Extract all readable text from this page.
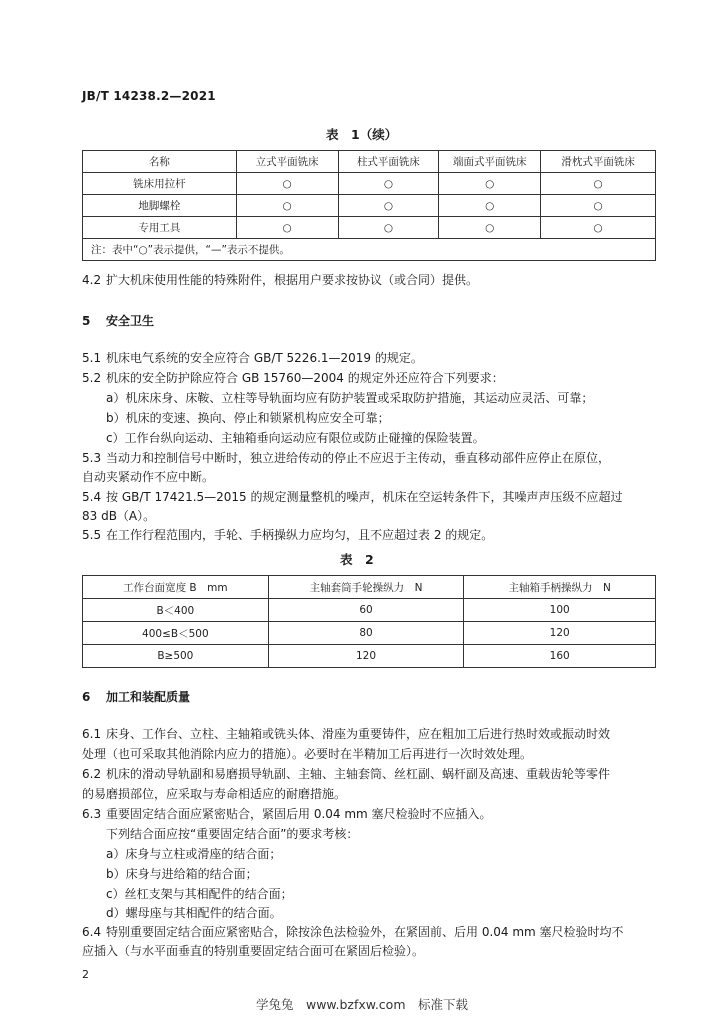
JB/T 14238.2—2021
表　1（续）
名称	立式平面铣床	柱式平面铣床	端面式平面铣床	滑枕式平面铣床
铣床用拉杆	○	○	○	○
地脚螺栓	○	○	○	○
专用工具	○	○	○	○
注：表中“○”表示提供，“—”表示不提供。				
4.2 扩大机床使用性能的特殊附件，根据用户要求按协议（或合同）提供。
5 安全卫生
5.1 机床电气系统的安全应符合 GB/T 5226.1—2019 的规定。
5.2 机床的安全防护除应符合 GB 15760—2004 的规定外还应符合下列要求：
a）机床床身、床鞍、立柱等导轨面均应有防护装置或采取防护措施，其运动应灵活、可靠；
b）机床的变速、换向、停止和锁紧机构应安全可靠；
c）工作台纵向运动、主轴箱垂向运动应有限位或防止碰撞的保险装置。
5.3 当动力和控制信号中断时，独立进给传动的停止不应迟于主传动，垂直移动部件应停止在原位，
自动夹紧动作不应中断。
5.4 按 GB/T 17421.5—2015 的规定测量整机的噪声，机床在空运转条件下，其噪声声压级不应超过
83 dB（A）。
5.5 在工作行程范围内，手轮、手柄操纵力应均匀，且不应超过表 2 的规定。
表　2
工作台面宽度 B　mm	主轴套筒手轮操纵力　N	主轴箱手柄操纵力　N
B＜400	60	100
400≤B＜500	80	120
B≥500	120	160
6 加工和装配质量
6.1 床身、工作台、立柱、主轴箱或铣头体、滑座为重要铸件，应在粗加工后进行热时效或振动时效
处理（也可采取其他消除内应力的措施）。必要时在半精加工后再进行一次时效处理。
6.2 机床的滑动导轨副和易磨损导轨副、主轴、主轴套筒、丝杠副、蜗杆副及高速、重载齿轮等零件
的易磨损部位，应采取与寿命相适应的耐磨措施。
6.3 重要固定结合面应紧密贴合，紧固后用 0.04 mm 塞尺检验时不应插入。
下列结合面应按“重要固定结合面”的要求考核：
a）床身与立柱或滑座的结合面；
b）床身与进给箱的结合面；
c）丝杠支架与其相配件的结合面；
d）螺母座与其相配件的结合面。
6.4 特别重要固定结合面应紧密贴合，除按涂色法检验外，在紧固前、后用 0.04 mm 塞尺检验时均不
应插入（与水平面垂直的特别重要固定结合面可在紧固后检验）。
2
学兔兔　www.bzfxw.com　标准下载
